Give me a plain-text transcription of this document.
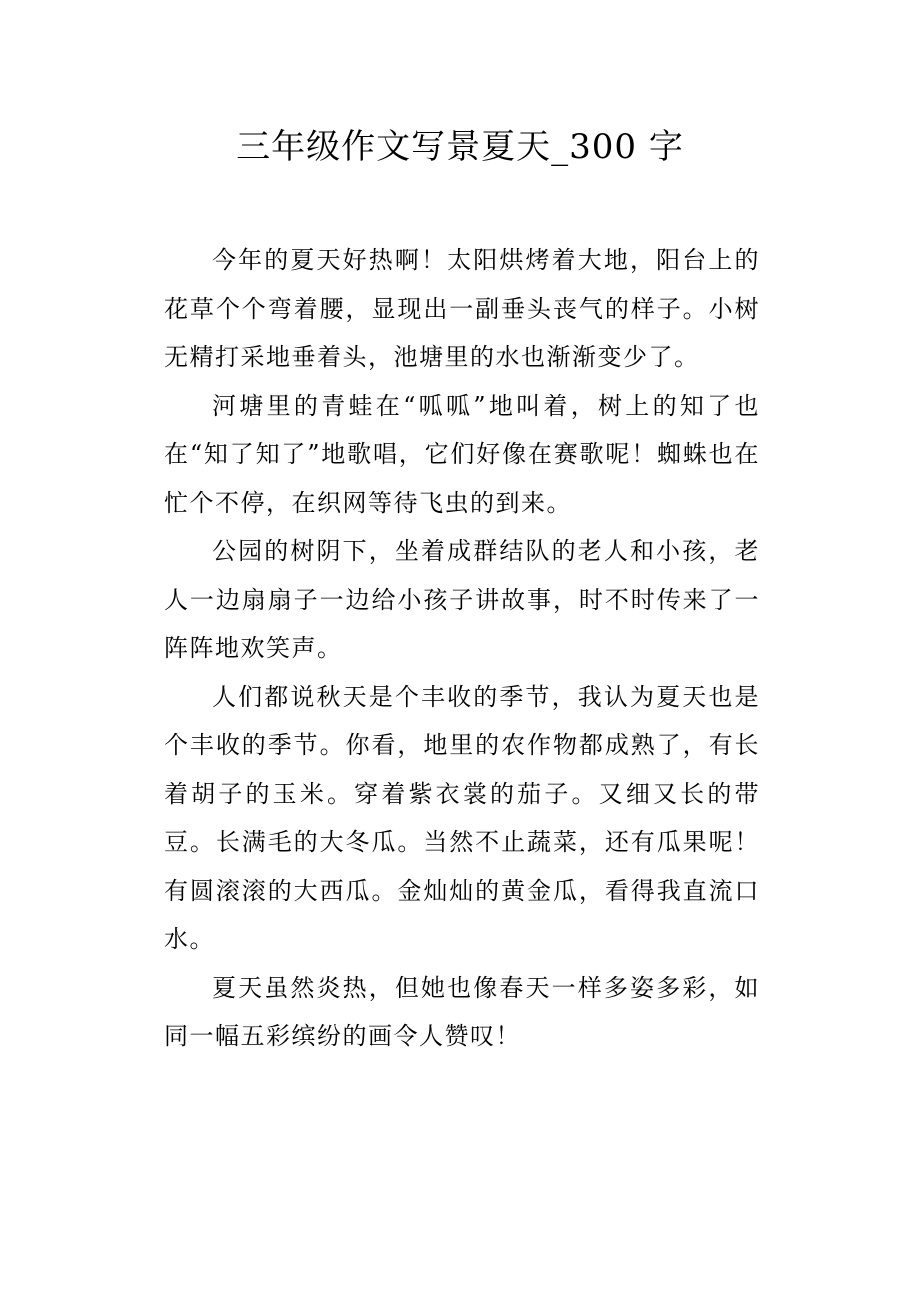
三年级作文写景夏天_300 字

今年的夏天好热啊！太阳烘烤着大地，阳台上的花草个个弯着腰，显现出一副垂头丧气的样子。小树无精打采地垂着头，池塘里的水也渐渐变少了。

河塘里的青蛙在“呱呱”地叫着，树上的知了也在“知了知了”地歌唱，它们好像在赛歌呢！蜘蛛也在忙个不停，在织网等待飞虫的到来。

公园的树阴下，坐着成群结队的老人和小孩，老人一边扇扇子一边给小孩子讲故事，时不时传来了一阵阵地欢笑声。

人们都说秋天是个丰收的季节，我认为夏天也是个丰收的季节。你看，地里的农作物都成熟了，有长着胡子的玉米。穿着紫衣裳的茄子。又细又长的带豆。长满毛的大冬瓜。当然不止蔬菜，还有瓜果呢！有圆滚滚的大西瓜。金灿灿的黄金瓜，看得我直流口水。

夏天虽然炎热，但她也像春天一样多姿多彩，如同一幅五彩缤纷的画令人赞叹！
